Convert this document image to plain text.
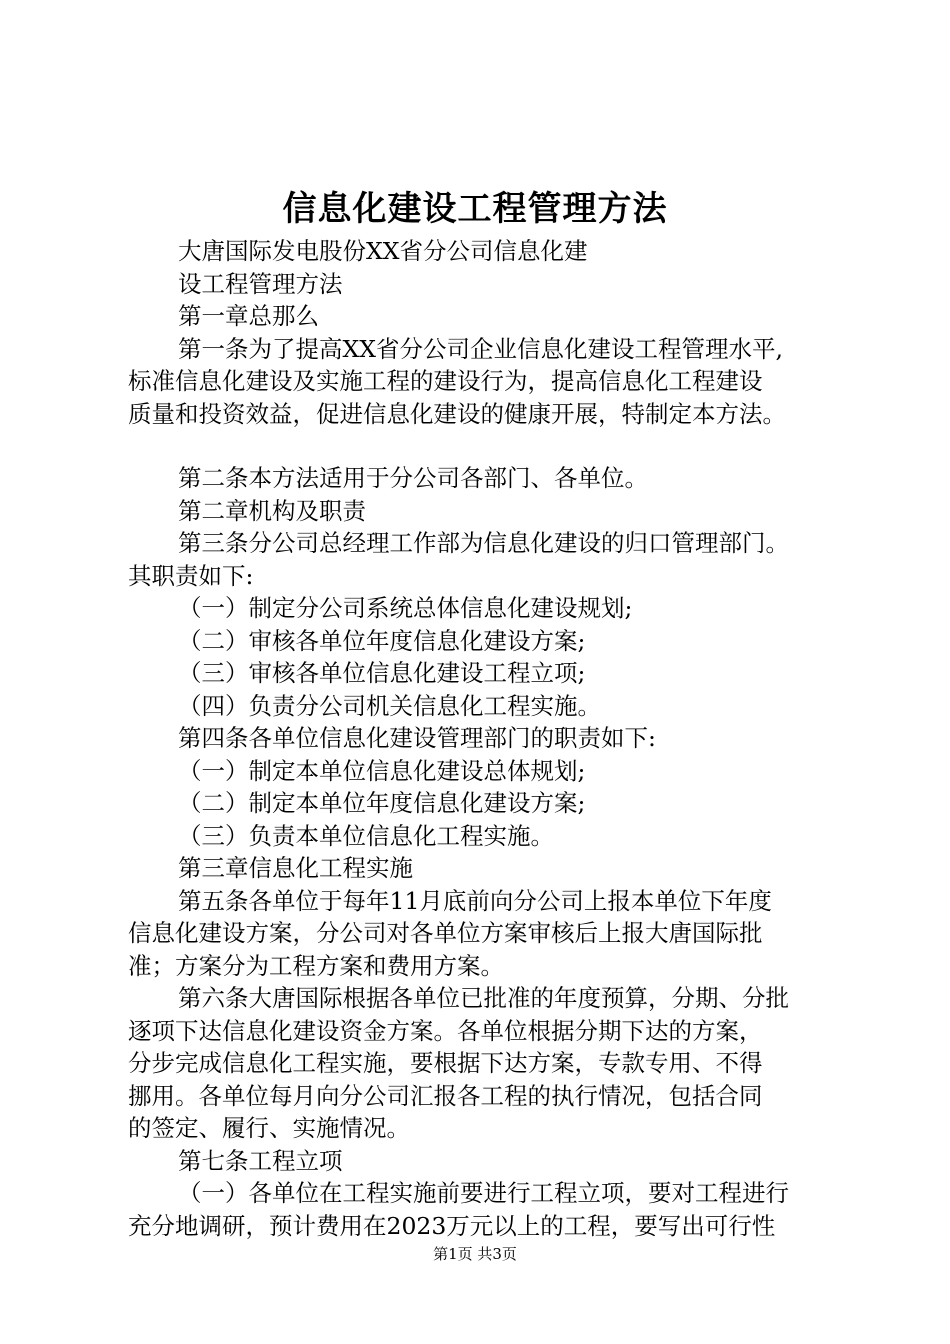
信息化建设工程管理方法

大唐国际发电股份XX省分公司信息化建

设工程管理方法

第一章总那么

第一条为了提高XX省分公司企业信息化建设工程管理水平,

标准信息化建设及实施工程的建设行为，提高信息化工程建设

质量和投资效益，促进信息化建设的健康开展，特制定本方法。

第二条本方法适用于分公司各部门、各单位。

第二章机构及职责

第三条分公司总经理工作部为信息化建设的归口管理部门。

其职责如下:

（一）制定分公司系统总体信息化建设规划;

（二）审核各单位年度信息化建设方案;

（三）审核各单位信息化建设工程立项;

（四）负责分公司机关信息化工程实施。

第四条各单位信息化建设管理部门的职责如下:

（一）制定本单位信息化建设总体规划;

（二）制定本单位年度信息化建设方案;

（三）负责本单位信息化工程实施。

第三章信息化工程实施

第五条各单位于每年11月底前向分公司上报本单位下年度

信息化建设方案，分公司对各单位方案审核后上报大唐国际批

准；方案分为工程方案和费用方案。

第六条大唐国际根据各单位已批准的年度预算，分期、分批

逐项下达信息化建设资金方案。各单位根据分期下达的方案，

分步完成信息化工程实施，要根据下达方案，专款专用、不得

挪用。各单位每月向分公司汇报各工程的执行情况，包括合同

的签定、履行、实施情况。

第七条工程立项

（一）各单位在工程实施前要进行工程立项，要对工程进行

充分地调研，预计费用在2023万元以上的工程，要写出可行性

第1页 共3页
